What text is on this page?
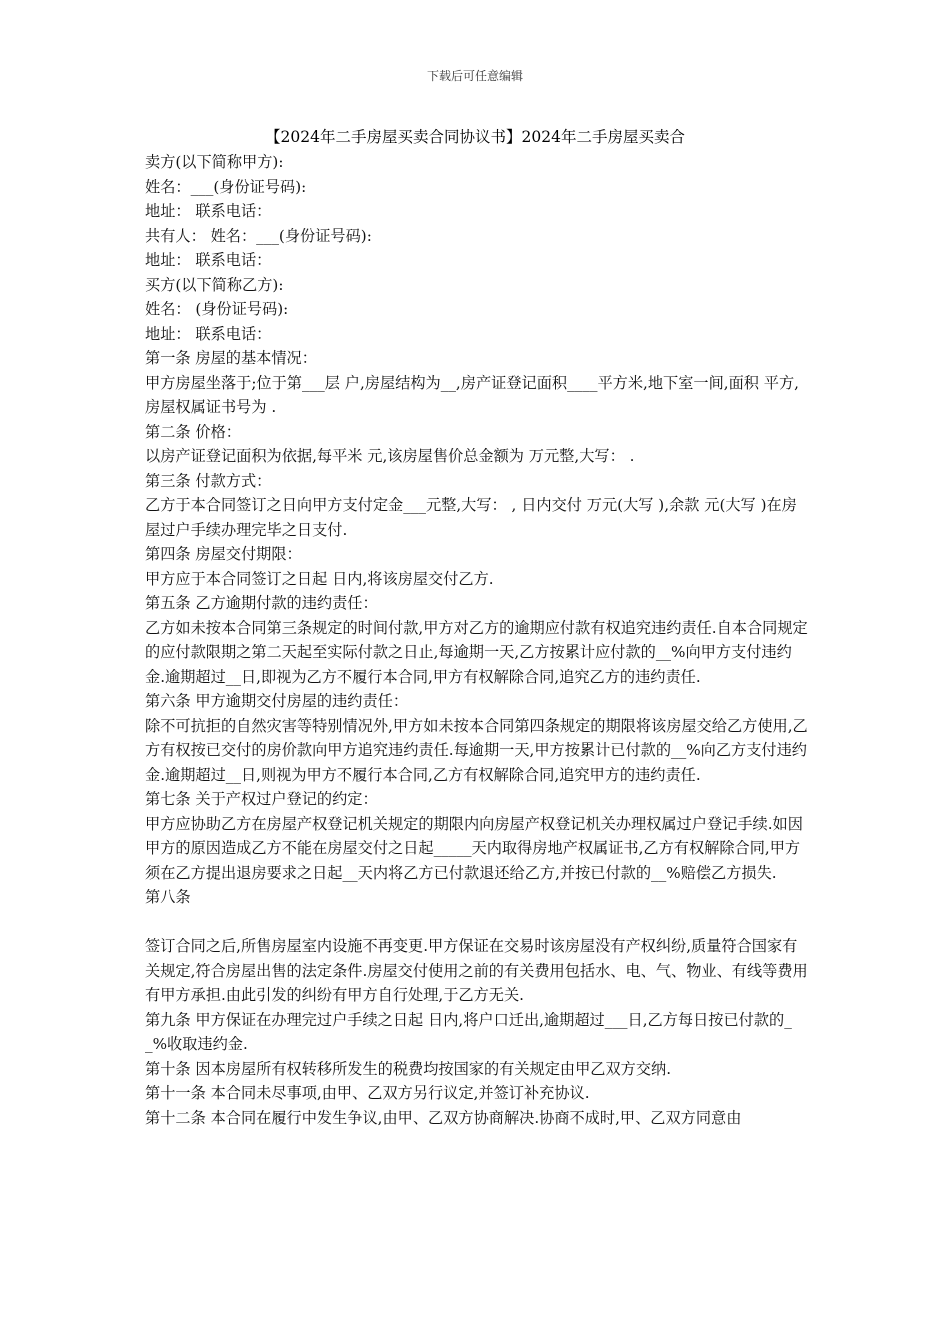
下载后可任意编辑
【2024年二手房屋买卖合同协议书】2024年二手房屋买卖合
卖方(以下简称甲方):
姓名：___(身份证号码):
地址： 联系电话：
共有人： 姓名：___(身份证号码):
地址： 联系电话：
买方(以下简称乙方):
姓名： (身份证号码):
地址： 联系电话：
第一条 房屋的基本情况：
甲方房屋坐落于;位于第___层 户,房屋结构为__,房产证登记面积____平方米,地下室一间,面积 平方,房屋权属证书号为 .
第二条 价格：
以房产证登记面积为依据,每平米 元,该房屋售价总金额为 万元整,大写： .
第三条 付款方式：
乙方于本合同签订之日向甲方支付定金___元整,大写： , 日内交付 万元(大写 ),余款 元(大写 )在房屋过户手续办理完毕之日支付.
第四条 房屋交付期限：
甲方应于本合同签订之日起 日内,将该房屋交付乙方.
第五条 乙方逾期付款的违约责任：
乙方如未按本合同第三条规定的时间付款,甲方对乙方的逾期应付款有权追究违约责任.自本合同规定的应付款限期之第二天起至实际付款之日止,每逾期一天,乙方按累计应付款的__%向甲方支付违约金.逾期超过__日,即视为乙方不履行本合同,甲方有权解除合同,追究乙方的违约责任.
第六条 甲方逾期交付房屋的违约责任：
除不可抗拒的自然灾害等特别情况外,甲方如未按本合同第四条规定的期限将该房屋交给乙方使用,乙方有权按已交付的房价款向甲方追究违约责任.每逾期一天,甲方按累计已付款的__%向乙方支付违约金.逾期超过__日,则视为甲方不履行本合同,乙方有权解除合同,追究甲方的违约责任.
第七条 关于产权过户登记的约定：
甲方应协助乙方在房屋产权登记机关规定的期限内向房屋产权登记机关办理权属过户登记手续.如因甲方的原因造成乙方不能在房屋交付之日起_____天内取得房地产权属证书,乙方有权解除合同,甲方须在乙方提出退房要求之日起__天内将乙方已付款退还给乙方,并按已付款的__%赔偿乙方损失.
第八条
签订合同之后,所售房屋室内设施不再变更.甲方保证在交易时该房屋没有产权纠纷,质量符合国家有关规定,符合房屋出售的法定条件.房屋交付使用之前的有关费用包括水、电、气、物业、有线等费用有甲方承担.由此引发的纠纷有甲方自行处理,于乙方无关.
第九条 甲方保证在办理完过户手续之日起 日内,将户口迁出,逾期超过___日,乙方每日按已付款的__%收取违约金.
第十条 因本房屋所有权转移所发生的税费均按国家的有关规定由甲乙双方交纳.
第十一条 本合同未尽事项,由甲、乙双方另行议定,并签订补充协议.
第十二条 本合同在履行中发生争议,由甲、乙双方协商解决.协商不成时,甲、乙双方同意由
